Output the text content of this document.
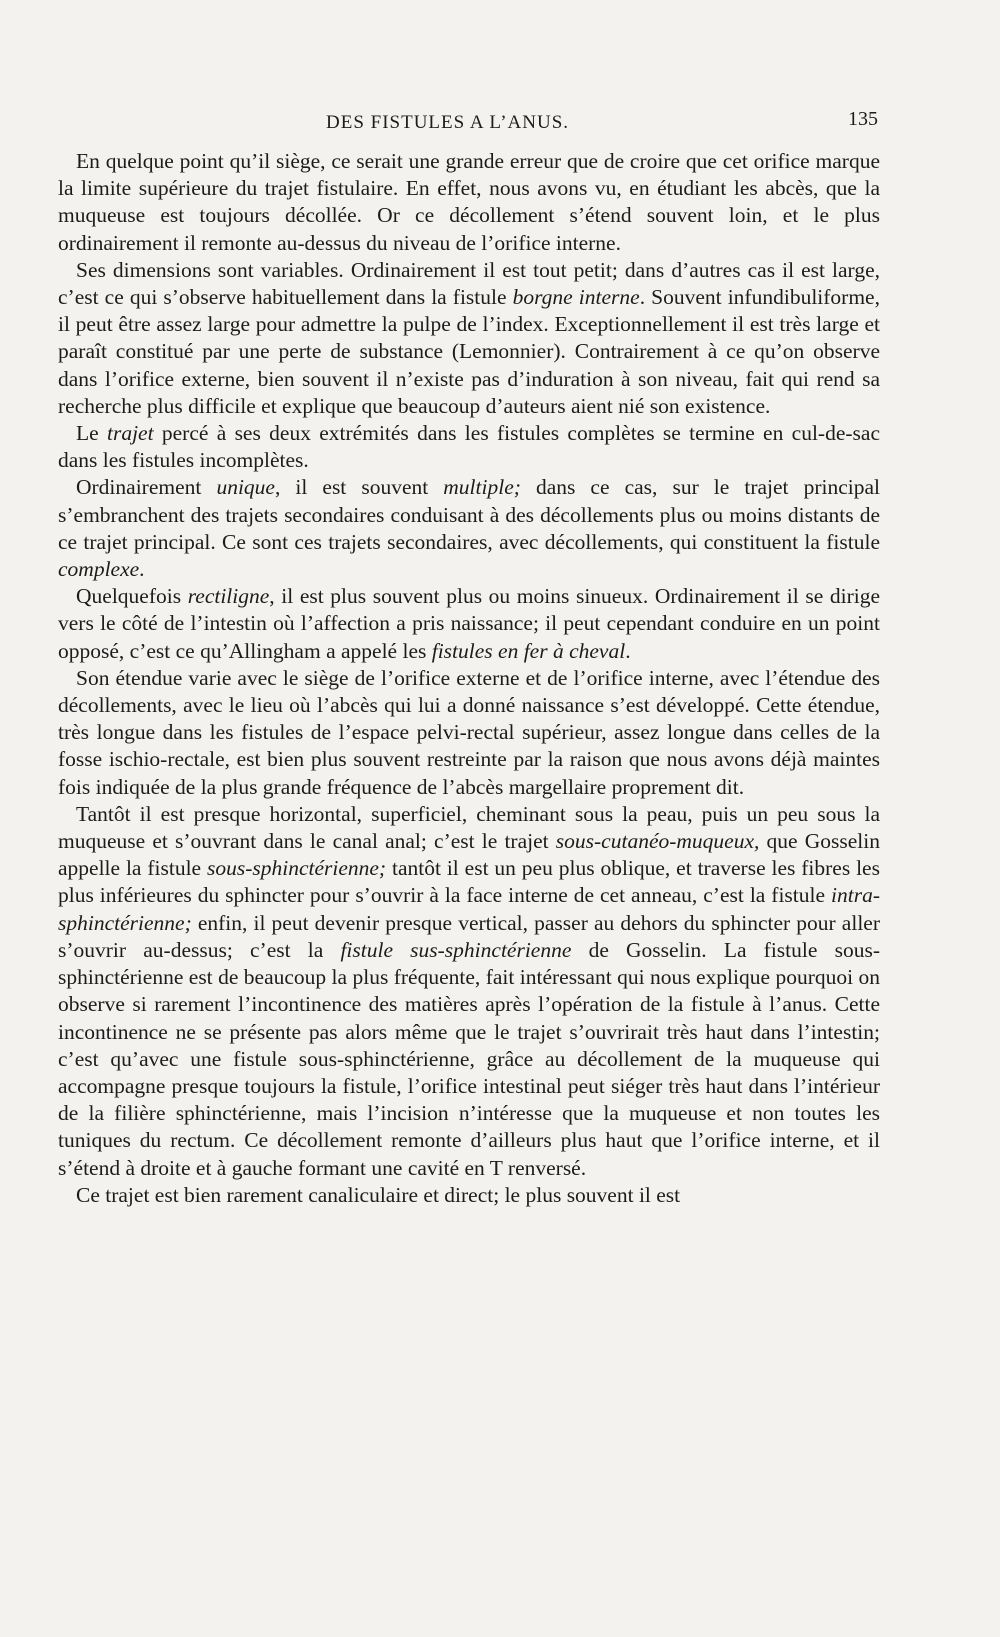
DES FISTULES A L’ANUS.	135

En quelque point qu’il siège, ce serait une grande erreur que de croire que cet orifice marque la limite supérieure du trajet fistulaire. En effet, nous avons vu, en étudiant les abcès, que la muqueuse est toujours décollée. Or ce décollement s’étend souvent loin, et le plus ordinairement il remonte au-dessus du niveau de l’orifice interne.

Ses dimensions sont variables. Ordinairement il est tout petit; dans d’autres cas il est large, c’est ce qui s’observe habituellement dans la fistule borgne interne. Souvent infundibuliforme, il peut être assez large pour admettre la pulpe de l’index. Exceptionnellement il est très large et paraît constitué par une perte de substance (Lemonnier). Contrairement à ce qu’on observe dans l’orifice externe, bien souvent il n’existe pas d’induration à son niveau, fait qui rend sa recherche plus difficile et explique que beaucoup d’auteurs aient nié son existence.

Le trajet percé à ses deux extrémités dans les fistules complètes se termine en cul-de-sac dans les fistules incomplètes.

Ordinairement unique, il est souvent multiple; dans ce cas, sur le trajet principal s’embranchent des trajets secondaires conduisant à des décollements plus ou moins distants de ce trajet principal. Ce sont ces trajets secondaires, avec décollements, qui constituent la fistule complexe.

Quelquefois rectiligne, il est plus souvent plus ou moins sinueux. Ordinairement il se dirige vers le côté de l’intestin où l’affection a pris naissance; il peut cependant conduire en un point opposé, c’est ce qu’Allingham a appelé les fistules en fer à cheval.

Son étendue varie avec le siège de l’orifice externe et de l’orifice interne, avec l’étendue des décollements, avec le lieu où l’abcès qui lui a donné naissance s’est développé. Cette étendue, très longue dans les fistules de l’espace pelvi-rectal supérieur, assez longue dans celles de la fosse ischio-rectale, est bien plus souvent restreinte par la raison que nous avons déjà maintes fois indiquée de la plus grande fréquence de l’abcès margellaire proprement dit.

Tantôt il est presque horizontal, superficiel, cheminant sous la peau, puis un peu sous la muqueuse et s’ouvrant dans le canal anal; c’est le trajet sous-cutanéo-muqueux, que Gosselin appelle la fistule sous-sphinctérienne; tantôt il est un peu plus oblique, et traverse les fibres les plus inférieures du sphincter pour s’ouvrir à la face interne de cet anneau, c’est la fistule intra-sphinctérienne; enfin, il peut devenir presque vertical, passer au dehors du sphincter pour aller s’ouvrir au-dessus; c’est la fistule sus-sphinctérienne de Gosselin. La fistule sous-sphinctérienne est de beaucoup la plus fréquente, fait intéressant qui nous explique pourquoi on observe si rarement l’incontinence des matières après l’opération de la fistule à l’anus. Cette incontinence ne se présente pas alors même que le trajet s’ouvrirait très haut dans l’intestin; c’est qu’avec une fistule sous-sphinctérienne, grâce au décollement de la muqueuse qui accompagne presque toujours la fistule, l’orifice intestinal peut siéger très haut dans l’intérieur de la filière sphinctérienne, mais l’incision n’intéresse que la muqueuse et non toutes les tuniques du rectum. Ce décollement remonte d’ailleurs plus haut que l’orifice interne, et il s’étend à droite et à gauche formant une cavité en T renversé.

Ce trajet est bien rarement canaliculaire et direct; le plus souvent il est
